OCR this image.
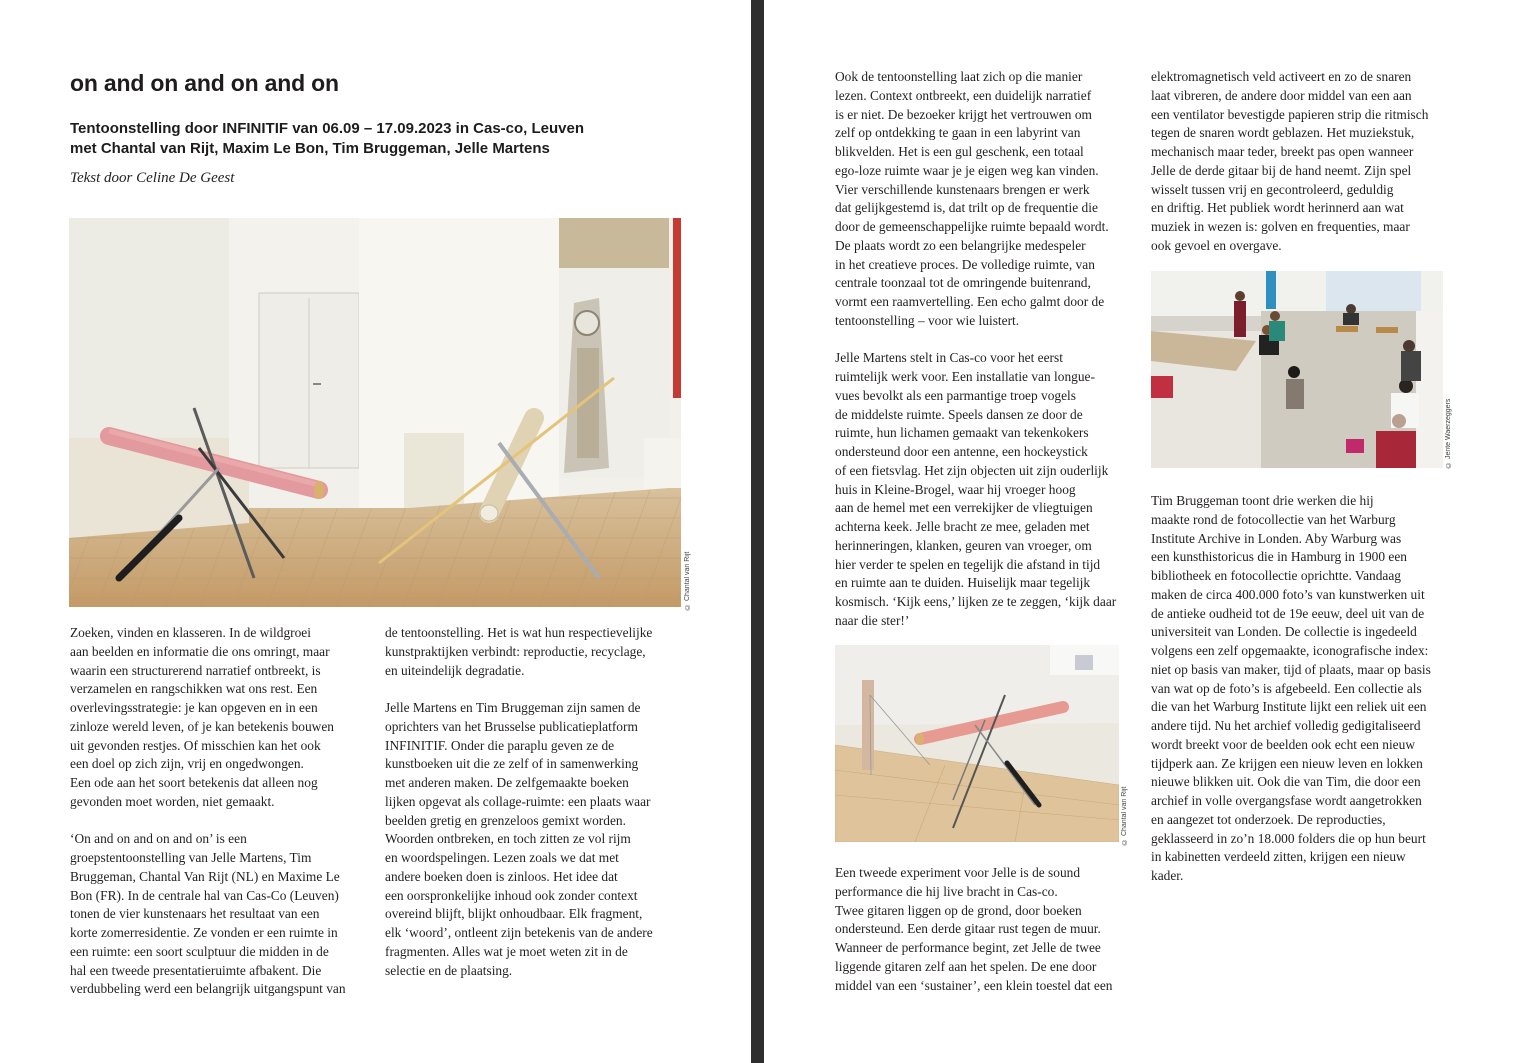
on and on and on and on
Tentoonstelling door INFINITIF van 06.09 – 17.09.2023 in Cas-co, Leuven
met Chantal van Rijt, Maxim Le Bon, Tim Bruggeman, Jelle Martens

Tekst door Celine De Geest

© Chantal van Rijt

Zoeken, vinden en klasseren. In de wildgroei
aan beelden en informatie die ons omringt, maar
waarin een structurerend narratief ontbreekt, is
verzamelen en rangschikken wat ons rest. Een
overlevingsstrategie: je kan opgeven en in een
zinloze wereld leven, of je kan betekenis bouwen
uit gevonden restjes. Of misschien kan het ook
een doel op zich zijn, vrij en ongedwongen.
Een ode aan het soort betekenis dat alleen nog
gevonden moet worden, niet gemaakt.

‘On and on and on and on’ is een
groepstentoonstelling van Jelle Martens, Tim
Bruggeman, Chantal Van Rijt (NL) en Maxime Le
Bon (FR). In de centrale hal van Cas-Co (Leuven)
tonen de vier kunstenaars het resultaat van een
korte zomerresidentie. Ze vonden er een ruimte in
een ruimte: een soort sculptuur die midden in de
hal een tweede presentatieruimte afbakent. Die
verdubbeling werd een belangrijk uitgangspunt van

de tentoonstelling. Het is wat hun respectievelijke
kunstpraktijken verbindt: reproductie, recyclage,
en uiteindelijk degradatie.

Jelle Martens en Tim Bruggeman zijn samen de
oprichters van het Brusselse publicatieplatform
INFINITIF. Onder die paraplu geven ze de
kunstboeken uit die ze zelf of in samenwerking
met anderen maken. De zelfgemaakte boeken
lijken opgevat als collage-ruimte: een plaats waar
beelden gretig en grenzeloos gemixt worden.
Woorden ontbreken, en toch zitten ze vol rijm
en woordspelingen. Lezen zoals we dat met
andere boeken doen is zinloos. Het idee dat
een oorspronkelijke inhoud ook zonder context
overeind blijft, blijkt onhoudbaar. Elk fragment,
elk ‘woord’, ontleent zijn betekenis van de andere
fragmenten. Alles wat je moet weten zit in de
selectie en de plaatsing.

Ook de tentoonstelling laat zich op die manier
lezen. Context ontbreekt, een duidelijk narratief
is er niet. De bezoeker krijgt het vertrouwen om
zelf op ontdekking te gaan in een labyrint van
blikvelden. Het is een gul geschenk, een totaal
ego-loze ruimte waar je je eigen weg kan vinden.
Vier verschillende kunstenaars brengen er werk
dat gelijkgestemd is, dat trilt op de frequentie die
door de gemeenschappelijke ruimte bepaald wordt.
De plaats wordt zo een belangrijke medespeler
in het creatieve proces. De volledige ruimte, van
centrale toonzaal tot de omringende buitenrand,
vormt een raamvertelling. Een echo galmt door de
tentoonstelling – voor wie luistert.

Jelle Martens stelt in Cas-co voor het eerst
ruimtelijk werk voor. Een installatie van longue-
vues bevolkt als een parmantige troep vogels
de middelste ruimte. Speels dansen ze door de
ruimte, hun lichamen gemaakt van tekenkokers
ondersteund door een antenne, een hockeystick
of een fietsvlag. Het zijn objecten uit zijn ouderlijk
huis in Kleine-Brogel, waar hij vroeger hoog
aan de hemel met een verrekijker de vliegtuigen
achterna keek. Jelle bracht ze mee, geladen met
herinneringen, klanken, geuren van vroeger, om
hier verder te spelen en tegelijk die afstand in tijd
en ruimte aan te duiden. Huiselijk maar tegelijk
kosmisch. ‘Kijk eens,’ lijken ze te zeggen, ‘kijk daar
naar die ster!’

© Chantal van Rijt

Een tweede experiment voor Jelle is de sound
performance die hij live bracht in Cas-co.
Twee gitaren liggen op de grond, door boeken
ondersteund. Een derde gitaar rust tegen de muur.
Wanneer de performance begint, zet Jelle de twee
liggende gitaren zelf aan het spelen. De ene door
middel van een ‘sustainer’, een klein toestel dat een

elektromagnetisch veld activeert en zo de snaren
laat vibreren, de andere door middel van een aan
een ventilator bevestigde papieren strip die ritmisch
tegen de snaren wordt geblazen. Het muziekstuk,
mechanisch maar teder, breekt pas open wanneer
Jelle de derde gitaar bij de hand neemt. Zijn spel
wisselt tussen vrij en gecontroleerd, geduldig
en driftig. Het publiek wordt herinnerd aan wat
muziek in wezen is: golven en frequenties, maar
ook gevoel en overgave.

© Jente Waerzeggers

Tim Bruggeman toont drie werken die hij
maakte rond de fotocollectie van het Warburg
Institute Archive in Londen. Aby Warburg was
een kunsthistoricus die in Hamburg in 1900 een
bibliotheek en fotocollectie oprichtte. Vandaag
maken de circa 400.000 foto’s van kunstwerken uit
de antieke oudheid tot de 19e eeuw, deel uit van de
universiteit van Londen. De collectie is ingedeeld
volgens een zelf opgemaakte, iconografische index:
niet op basis van maker, tijd of plaats, maar op basis
van wat op de foto’s is afgebeeld. Een collectie als
die van het Warburg Institute lijkt een reliek uit een
andere tijd. Nu het archief volledig gedigitaliseerd
wordt breekt voor de beelden ook echt een nieuw
tijdperk aan. Ze krijgen een nieuw leven en lokken
nieuwe blikken uit. Ook die van Tim, die door een
archief in volle overgangsfase wordt aangetrokken
en aangezet tot onderzoek. De reproducties,
geklasseerd in zo’n 18.000 folders die op hun beurt
in kabinetten verdeeld zitten, krijgen een nieuw
kader.
